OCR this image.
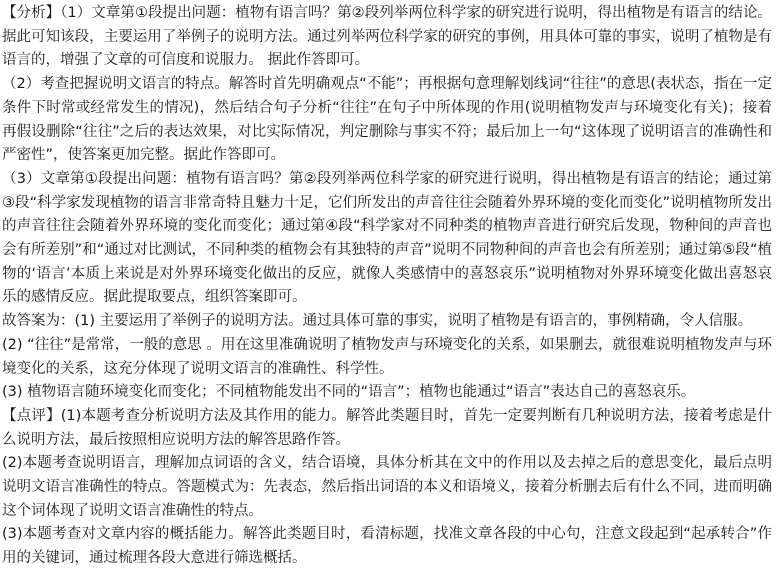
【分析】（1）文章第①段提出问题：植物有语言吗？第②段列举两位科学家的研究进行说明，得出植物是有语言的结论。据此可知该段，主要运用了举例子的说明方法。通过列举两位科学家的研究的事例，用具体可靠的事实，说明了植物是有语言的，增强了文章的可信度和说服力。 据此作答即可。

（2）考查把握说明文语言的特点。解答时首先明确观点“不能”；再根据句意理解划线词“往往”的意思(表状态，指在一定条件下时常或经常发生的情况)，然后结合句子分析“往往”在句子中所体现的作用(说明植物发声与环境变化有关)；接着再假设删除“往往”之后的表达效果，对比实际情况，判定删除与事实不符；最后加上一句“这体现了说明语言的准确性和严密性”，使答案更加完整。据此作答即可。

（3）文章第①段提出问题：植物有语言吗？第②段列举两位科学家的研究进行说明，得出植物是有语言的结论；通过第③段“科学家发现植物的语言非常奇特且魅力十足，它们所发出的声音往往会随着外界环境的变化而变化”说明植物所发出的声音往往会随着外界环境的变化而变化；通过第④段“科学家对不同种类的植物声音进行研究后发现，物种间的声音也会有所差别”和“通过对比测试，不同种类的植物会有其独特的声音”说明不同物种间的声音也会有所差别；通过第⑤段“植物的‘语言’本质上来说是对外界环境变化做出的反应，就像人类感情中的喜怒哀乐”说明植物对外界环境变化做出喜怒哀乐的感情反应。据此提取要点，组织答案即可。

故答案为：(1) 主要运用了举例子的说明方法。通过具体可靠的事实，说明了植物是有语言的，事例精确，令人信服。

(2) “往往”是常常，一般的意思 。用在这里准确说明了植物发声与环境变化的关系，如果删去，就很难说明植物发声与环境变化的关系，这充分体现了说明文语言的准确性、科学性。

(3) 植物语言随环境变化而变化；不同植物能发出不同的“语言”；植物也能通过“语言”表达自己的喜怒哀乐。

【点评】(1)本题考查分析说明方法及其作用的能力。解答此类题目时，首先一定要判断有几种说明方法，接着考虑是什么说明方法，最后按照相应说明方法的解答思路作答。

(2)本题考查说明语言，理解加点词语的含义，结合语境，具体分析其在文中的作用以及去掉之后的意思变化，最后点明说明文语言准确性的特点。答题模式为：先表态，然后指出词语的本义和语境义，接着分析删去后有什么不同，进而明确这个词体现了说明文语言准确性的特点。

(3)本题考查对文章内容的概括能力。解答此类题目时，看清标题，找准文章各段的中心句，注意文段起到“起承转合”作用的关键词，通过梳理各段大意进行筛选概括。
